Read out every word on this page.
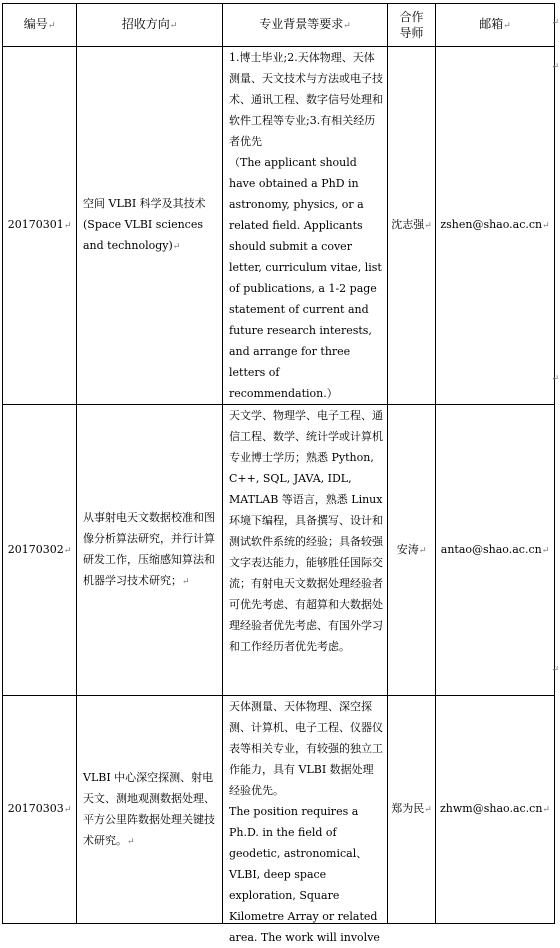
编号↵	招收方向↵	专业背景等要求↵	合作
导师	邮箱↵
20170301↵	空间 VLBI 科学及其技术 (Space VLBI sciences and technology)↵	1.博士毕业;2.天体物理、天体测量、天文技术与方法或电子技术、通讯工程、数字信号处理和软件工程等专业;3.有相关经历者优先
（The applicant should have obtained a PhD in astronomy, physics, or a related field. Applicants should submit a cover letter, curriculum vitae, list of publications, a 1-2 page statement of current and future research interests, and arrange for three letters of recommendation.）	沈志强↵	zshen@shao.ac.cn↵
20170302↵	从事射电天文数据校准和图像分析算法研究，并行计算研发工作，压缩感知算法和机器学习技术研究；↵	天文学、物理学、电子工程、通信工程、数学、统计学或计算机专业博士学历；熟悉 Python, C++, SQL, JAVA, IDL, MATLAB 等语言，熟悉 Linux 环境下编程，具备撰写、设计和测试软件系统的经验；具备较强文字表达能力，能够胜任国际交流；有射电天文数据处理经验者可优先考虑、有超算和大数据处理经验者优先考虑、有国外学习和工作经历者优先考虑。	安涛↵	antao@shao.ac.cn↵
20170303↵	VLBI 中心深空探测、射电天文、测地观测数据处理、平方公里阵数据处理关键技术研究。↵	天体测量、天体物理、深空探测、计算机、电子工程、仪器仪表等相关专业，有较强的独立工作能力，具有 VLBI 数据处理经验优先。
The position requires a Ph.D. in the field of geodetic, astronomical、VLBI, deep space exploration, Square Kilometre Array or related area. The work will involve	郑为民↵	zhwm@shao.ac.cn↵
↵
↵
↵
↵
